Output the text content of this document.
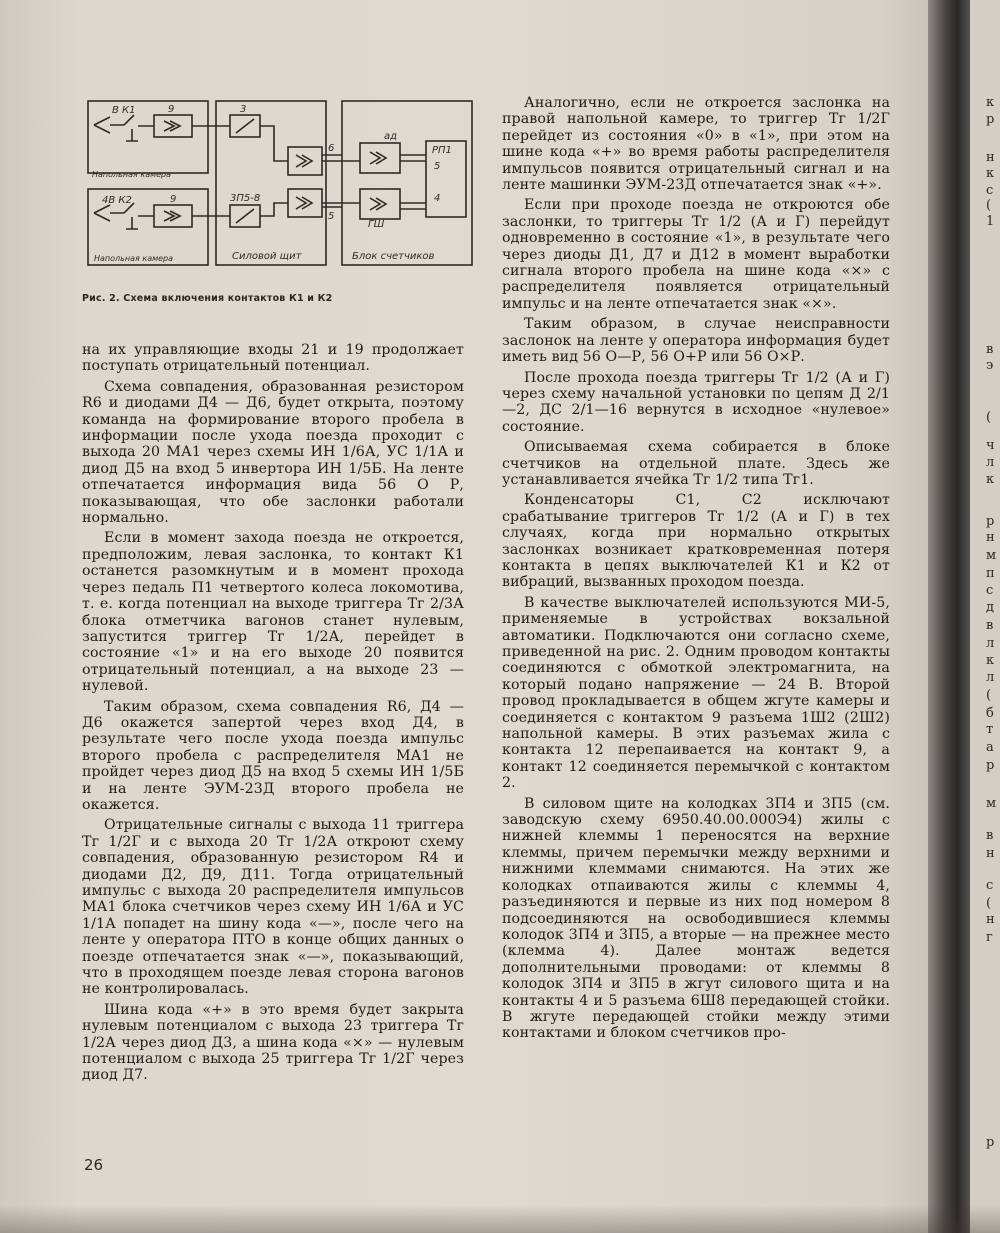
В К1	9	3
Напольная камера
4В К2	9	3П5-8
Напольная камера	Силовой щит
ад
ГШ
РП1
5
4
6
5
Блок счетчиков
Рис. 2. Схема включения контактов К1 и К2

на их управляющие входы 21 и 19 продолжает поступать отрицательный потенциал.

Схема совпадения, образованная резистором R6 и диодами Д4 — Д6, будет открыта, поэтому команда на формирование второго пробела в информации после ухода поезда проходит с выхода 20 МА1 через схемы ИН 1/6А, УС 1/1А и диод Д5 на вход 5 инвертора ИН 1/5Б. На ленте отпечатается информация вида 56 О Р, показывающая, что обе заслонки работали нормально.

Если в момент захода поезда не откроется, предположим, левая заслонка, то контакт К1 останется разомкнутым и в момент прохода через педаль П1 четвертого колеса локомотива, т. е. когда потенциал на выходе триггера Тг 2/3А блока отметчика вагонов станет нулевым, запустится триггер Тг 1/2А, перейдет в состояние «1» и на его выходе 20 появится отрицательный потенциал, а на выходе 23 — нулевой.

Таким образом, схема совпадения R6, Д4 — Д6 окажется запертой через вход Д4, в результате чего после ухода поезда импульс второго пробела с распределителя МА1 не пройдет через диод Д5 на вход 5 схемы ИН 1/5Б и на ленте ЭУМ-23Д второго пробела не окажется.

Отрицательные сигналы с выхода 11 триггера Тг 1/2Г и с выхода 20 Тг 1/2А откроют схему совпадения, образованную резистором R4 и диодами Д2, Д9, Д11. Тогда отрицательный импульс с выхода 20 распределителя импульсов МА1 блока счетчиков через схему ИН 1/6А и УС 1/1А попадет на шину кода «—», после чего на ленте у оператора ПТО в конце общих данных о поезде отпечатается знак «—», показывающий, что в проходящем поезде левая сторона вагонов не контролировалась.

Шина кода «+» в это время будет закрыта нулевым потенциалом с выхода 23 триггера Тг 1/2А через диод Д3, а шина кода «×» — нулевым потенциалом с выхода 25 триггера Тг 1/2Г через диод Д7.

Аналогично, если не откроется заслонка на правой напольной камере, то триггер Тг 1/2Г перейдет из состояния «0» в «1», при этом на шине кода «+» во время работы распределителя импульсов появится отрицательный сигнал и на ленте машинки ЭУМ-23Д отпечатается знак «+».

Если при проходе поезда не откроются обе заслонки, то триггеры Тг 1/2 (А и Г) перейдут одновременно в состояние «1», в результате чего через диоды Д1, Д7 и Д12 в момент выработки сигнала второго пробела на шине кода «×» с распределителя появляется отрицательный импульс и на ленте отпечатается знак «×».

Таким образом, в случае неисправности заслонок на ленте у оператора информация будет иметь вид 56 О—Р, 56 О+Р или 56 О×Р.

После прохода поезда триггеры Тг 1/2 (А и Г) через схему начальной установки по цепям Д 2/1—2, ДС 2/1—16 вернутся в исходное «нулевое» состояние.

Описываемая схема собирается в блоке счетчиков на отдельной плате. Здесь же устанавливается ячейка Тг 1/2 типа Тг1.

Конденсаторы С1, С2 исключают срабатывание триггеров Тг 1/2 (А и Г) в тех случаях, когда при нормально открытых заслонках возникает кратковременная потеря контакта в цепях выключателей К1 и К2 от вибраций, вызванных проходом поезда.

В качестве выключателей используются МИ-5, применяемые в устройствах вокзальной автоматики. Подключаются они согласно схеме, приведенной на рис. 2. Одним проводом контакты соединяются с обмоткой электромагнита, на который подано напряжение — 24 В. Второй провод прокладывается в общем жгуте камеры и соединяется с контактом 9 разъема 1Ш2 (2Ш2) напольной камеры. В этих разъемах жила с контакта 12 перепаивается на контакт 9, а контакт 12 соединяется перемычкой с контактом 2.

В силовом щите на колодках 3П4 и 3П5 (см. заводскую схему 6950.40.00.000Э4) жилы с нижней клеммы 1 переносятся на верхние клеммы, причем перемычки между верхними и нижними клеммами снимаются. На этих же колодках отпаиваются жилы с клеммы 4, разъединяются и первые из них под номером 8 подсоединяются на освободившиеся клеммы колодок 3П4 и 3П5, а вторые — на прежнее место (клемма 4). Далее монтаж ведется дополнительными проводами: от клеммы 8 колодок 3П4 и 3П5 в жгут силового щита и на контакты 4 и 5 разъема 6Ш8 передающей стойки. В жгуте передающей стойки между этими контактами и блоком счетчиков про-

26
к
р
н
к
с
(
1
в
э
(
ч
л
к
р
н
м
п
с
д
в
л
к
л
(
б
т
а
р
м
в
н
с
(
н
г
р
